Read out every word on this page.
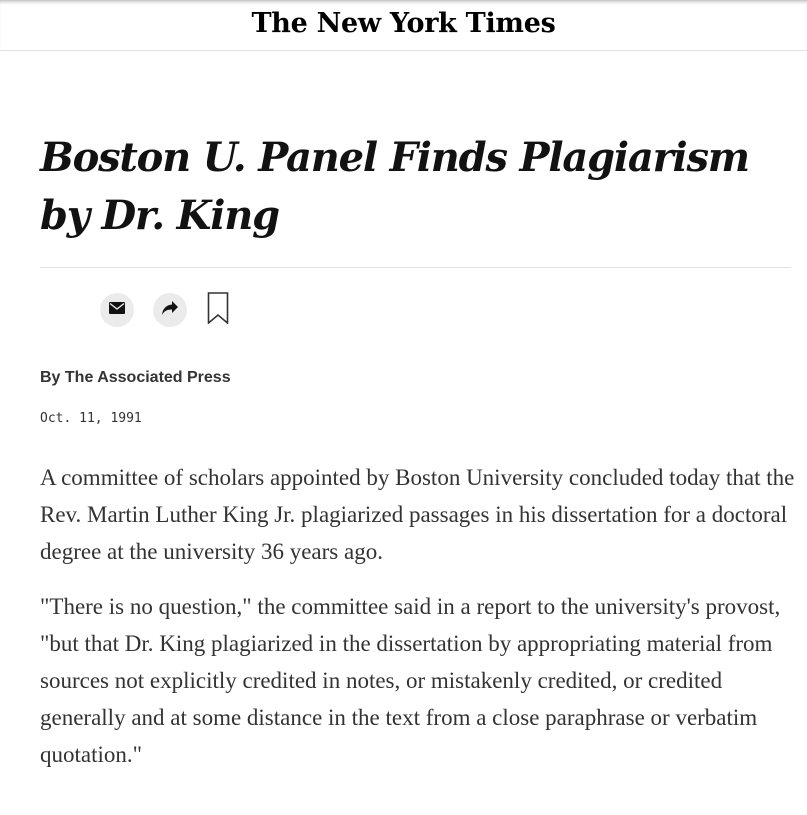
The New York Times
Boston U. Panel Finds Plagiarism by Dr. King
By The Associated Press
Oct. 11, 1991

A committee of scholars appointed by Boston University concluded today that the Rev. Martin Luther King Jr. plagiarized passages in his dissertation for a doctoral degree at the university 36 years ago.

"There is no question," the committee said in a report to the university's provost, "but that Dr. King plagiarized in the dissertation by appropriating material from sources not explicitly credited in notes, or mistakenly credited, or credited generally and at some distance in the text from a close paraphrase or verbatim quotation."
